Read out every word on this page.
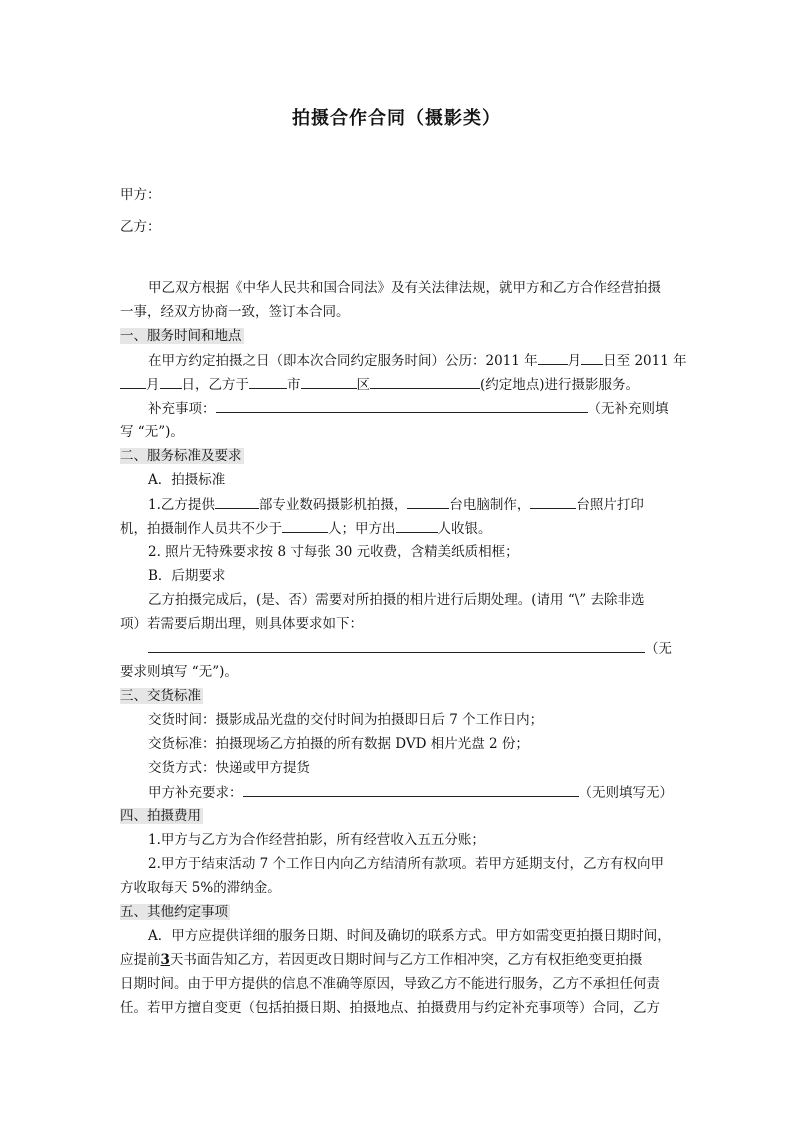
拍摄合作合同（摄影类）
甲方：
乙方：
甲乙双方根据《中华人民共和国合同法》及有关法律法规，就甲方和乙方合作经营拍摄
一事，经双方协商一致，签订本合同。
一、服务时间和地点
在甲方约定拍摄之日（即本次合同约定服务时间）公历：2011 年 月 日至 2011 年
月 日，乙方于	市	区	(约定地点)进行摄影服务。
补充事项：	（无补充则填
写 “无”)。
二、服务标准及要求
A．拍摄标准
1.乙方提供	部专业数码摄影机拍摄，	台电脑制作，	台照片打印
机，拍摄制作人员共不少于	人；甲方出	人收银。
2. 照片无特殊要求按 8 寸每张 30 元收费，含精美纸质相框；
B．后期要求
乙方拍摄完成后，(是、否）需要对所拍摄的相片进行后期处理。(请用 “\” 去除非选
项）若需要后期出理，则具体要求如下：
（无
要求则填写 “无”)。
三、交货标准
交货时间：摄影成品光盘的交付时间为拍摄即日后 7 个工作日内；
交货标准：拍摄现场乙方拍摄的所有数据 DVD 相片光盘 2 份；
交货方式：快递或甲方提货
甲方补充要求：	（无则填写无）
四、拍摄费用
1.甲方与乙方为合作经营拍影，所有经营收入五五分账；
2.甲方于结束活动 7 个工作日内向乙方结清所有款项。若甲方延期支付，乙方有权向甲
方收取每天 5%的滞纳金。
五、其他约定事项
A．甲方应提供详细的服务日期、时间及确切的联系方式。甲方如需变更拍摄日期时间，
应提前3天书面告知乙方，若因更改日期时间与乙方工作相冲突，乙方有权拒绝变更拍摄
日期时间。由于甲方提供的信息不准确等原因，导致乙方不能进行服务，乙方不承担任何责
任。若甲方擅自变更（包括拍摄日期、拍摄地点、拍摄费用与约定补充事项等）合同，乙方
